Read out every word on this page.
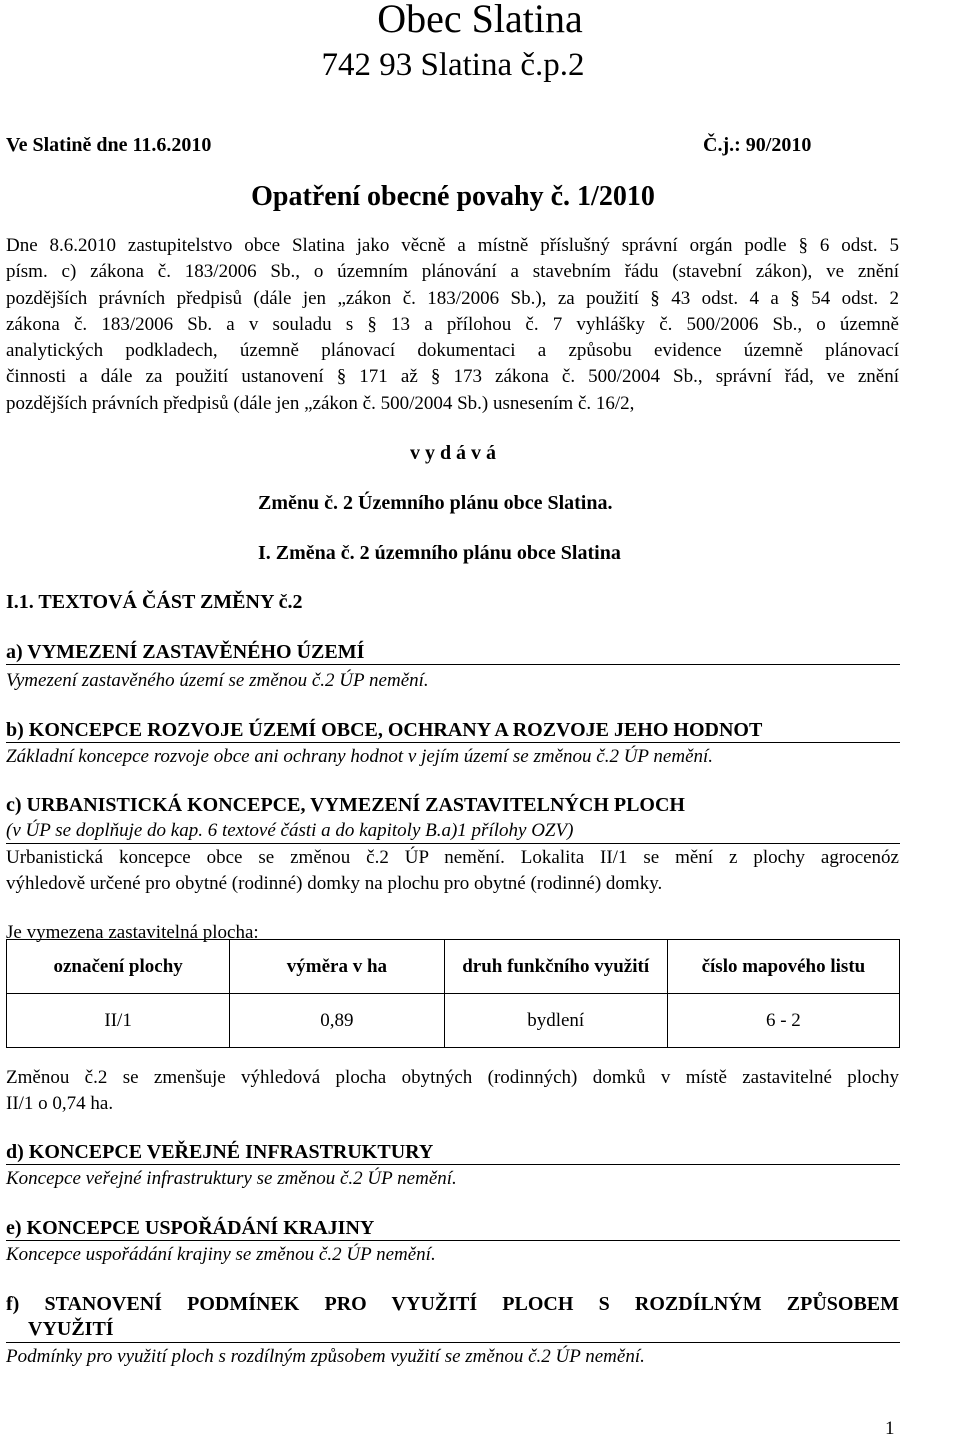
Obec Slatina
742 93 Slatina č.p.2
Ve Slatině dne 11.6.2010	Č.j.: 90/2010
Opatření obecné povahy č. 1/2010
Dne 8.6.2010 zastupitelstvo obce Slatina jako věcně a místně příslušný správní orgán podle § 6 odst. 5
písm. c) zákona č. 183/2006 Sb., o územním plánování a stavebním řádu (stavební zákon), ve znění
pozdějších právních předpisů (dále jen „zákon č. 183/2006 Sb.), za použití § 43 odst. 4 a § 54 odst. 2
zákona č. 183/2006 Sb. a v souladu s § 13 a přílohou č. 7 vyhlášky č. 500/2006 Sb., o územně
analytických podkladech, územně plánovací dokumentaci a způsobu evidence územně plánovací
činnosti a dále za použití ustanovení § 171 až § 173 zákona č. 500/2004 Sb., správní řád, ve znění
pozdějších právních předpisů (dále jen „zákon č. 500/2004 Sb.) usnesením č. 16/2,
v y d á v á
Změnu č. 2 Územního plánu obce Slatina.
I. Změna č. 2 územního plánu obce Slatina
I.1. TEXTOVÁ ČÁST ZMĚNY č.2
a) VYMEZENÍ ZASTAVĚNÉHO ÚZEMÍ
Vymezení zastavěného území se změnou č.2 ÚP nemění.
b) KONCEPCE ROZVOJE ÚZEMÍ OBCE, OCHRANY A ROZVOJE JEHO HODNOT
Základní koncepce rozvoje obce ani ochrany hodnot v jejím území se změnou č.2 ÚP nemění.
c) URBANISTICKÁ KONCEPCE, VYMEZENÍ ZASTAVITELNÝCH PLOCH
(v ÚP se doplňuje do kap. 6 textové části a do kapitoly B.a)1 přílohy OZV)
Urbanistická koncepce obce se změnou č.2 ÚP nemění. Lokalita II/1 se mění z plochy agrocenóz
výhledově určené pro obytné (rodinné) domky na plochu pro obytné (rodinné) domky.
Je vymezena zastavitelná plocha:
označení plochy	výměra v ha	druh funkčního využití	číslo mapového listu
II/1	0,89	bydlení	6 - 2
Změnou č.2 se zmenšuje výhledová plocha obytných (rodinných) domků v místě zastavitelné plochy
II/1 o 0,74 ha.
d) KONCEPCE VEŘEJNÉ INFRASTRUKTURY
Koncepce veřejné infrastruktury se změnou č.2 ÚP nemění.
e) KONCEPCE USPOŘÁDÁNÍ KRAJINY
Koncepce uspořádání krajiny se změnou č.2 ÚP nemění.
f) STANOVENÍ PODMÍNEK PRO VYUŽITÍ PLOCH S ROZDÍLNÝM ZPŮSOBEM
VYUŽITÍ
Podmínky pro využití ploch s rozdílným způsobem využití se změnou č.2 ÚP nemění.
1
